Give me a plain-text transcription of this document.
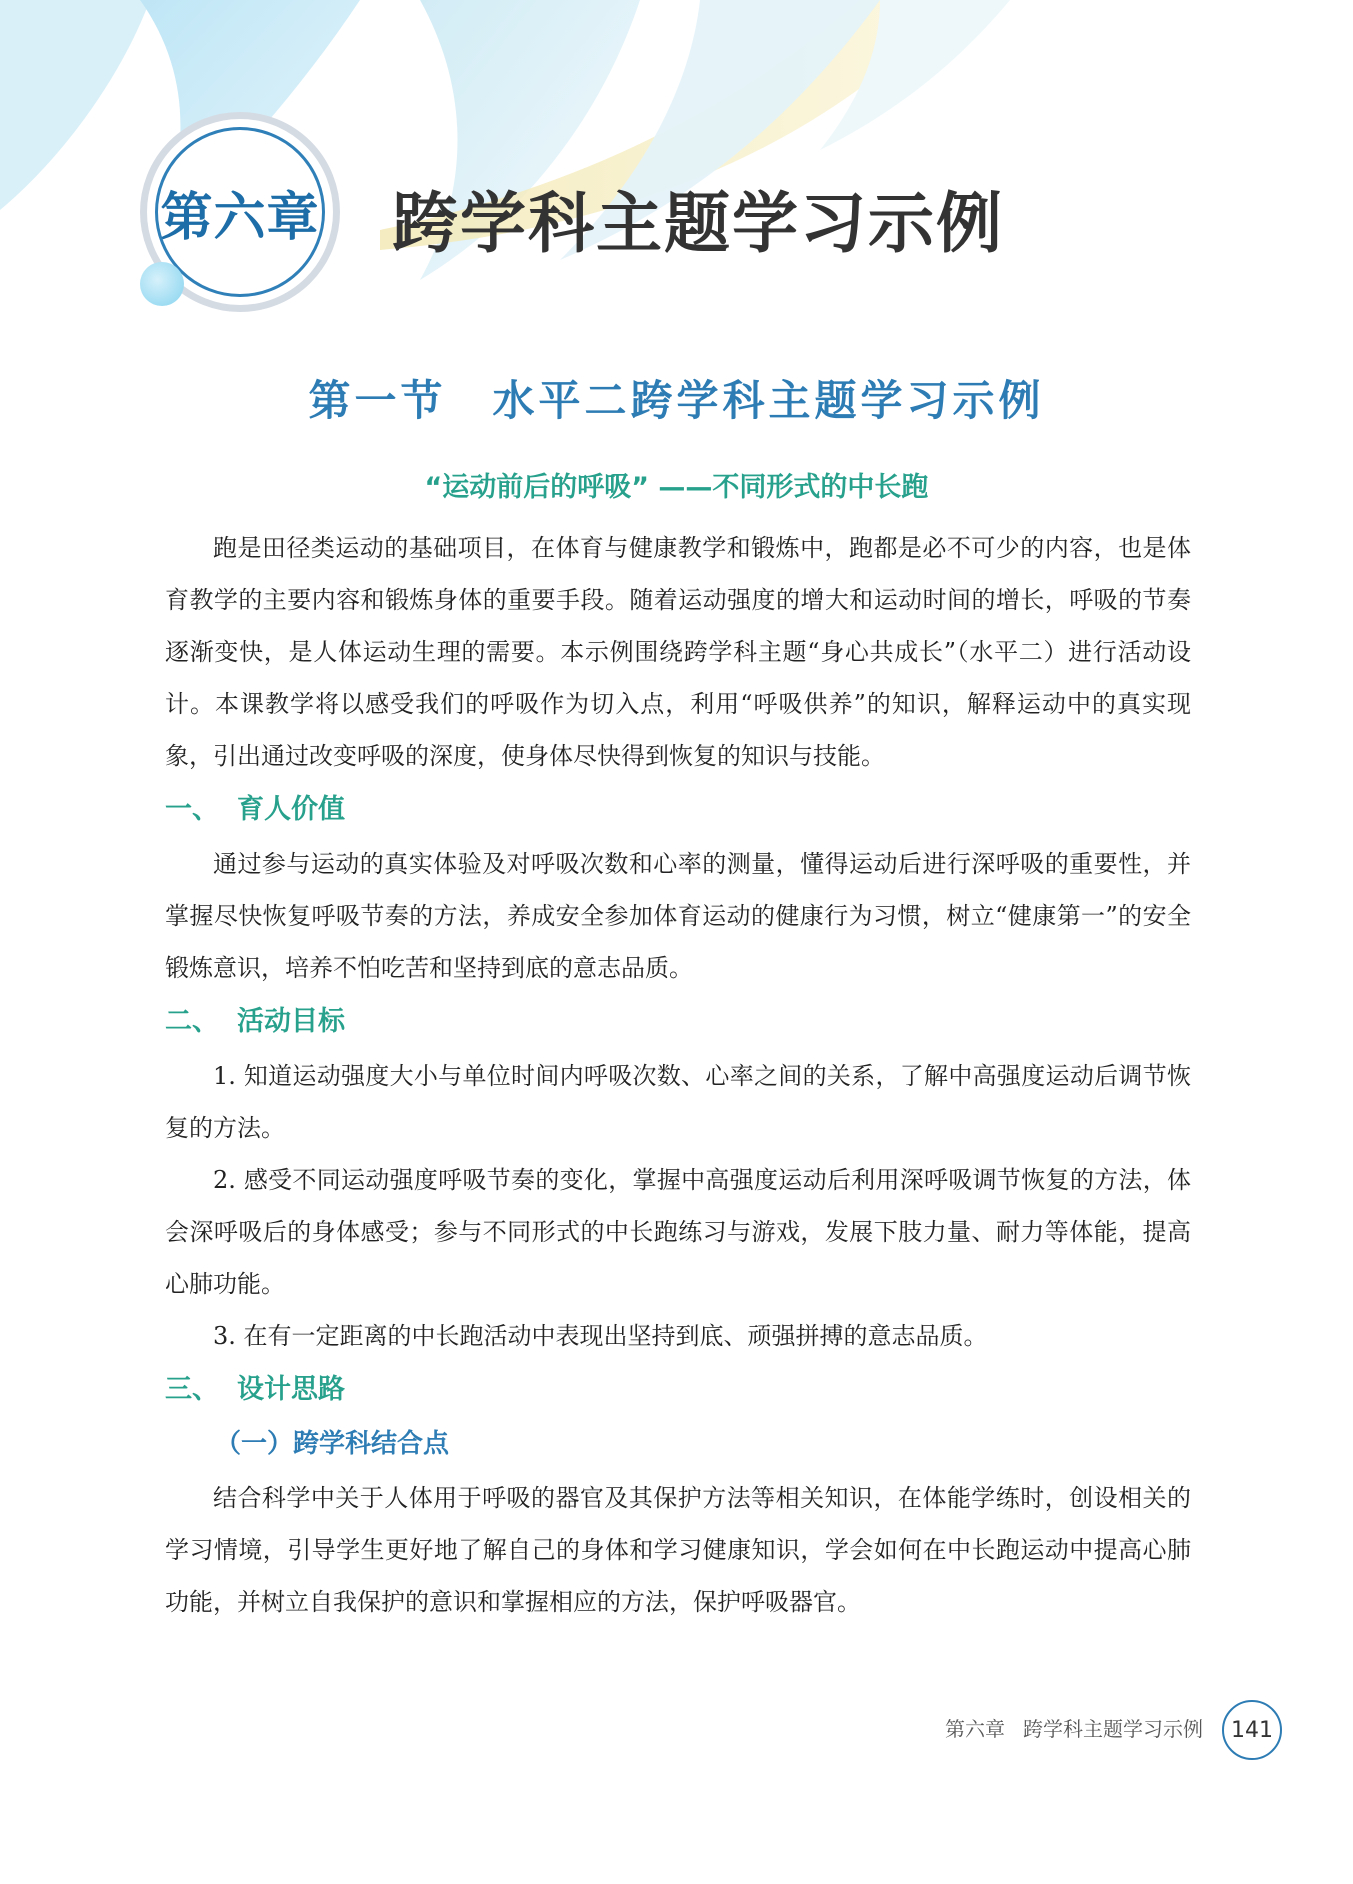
第六章 跨学科主题学习示例
第一节　水平二跨学科主题学习示例
“运动前后的呼吸” ——不同形式的中长跑

跑是田径类运动的基础项目，在体育与健康教学和锻炼中，跑都是必不可少的内容，也是体育教学的主要内容和锻炼身体的重要手段。随着运动强度的增大和运动时间的增长，呼吸的节奏逐渐变快，是人体运动生理的需要。本示例围绕跨学科主题“身心共成长”（水平二）进行活动设计。本课教学将以感受我们的呼吸作为切入点，利用“呼吸供养”的知识，解释运动中的真实现象，引出通过改变呼吸的深度，使身体尽快得到恢复的知识与技能。

一、 育人价值

通过参与运动的真实体验及对呼吸次数和心率的测量，懂得运动后进行深呼吸的重要性，并掌握尽快恢复呼吸节奏的方法，养成安全参加体育运动的健康行为习惯，树立“健康第一”的安全锻炼意识，培养不怕吃苦和坚持到底的意志品质。

二、 活动目标

1. 知道运动强度大小与单位时间内呼吸次数、心率之间的关系，了解中高强度运动后调节恢复的方法。

2. 感受不同运动强度呼吸节奏的变化，掌握中高强度运动后利用深呼吸调节恢复的方法，体会深呼吸后的身体感受；参与不同形式的中长跑练习与游戏，发展下肢力量、耐力等体能，提高心肺功能。

3. 在有一定距离的中长跑活动中表现出坚持到底、顽强拼搏的意志品质。

三、 设计思路
（一）跨学科结合点

结合科学中关于人体用于呼吸的器官及其保护方法等相关知识，在体能学练时，创设相关的学习情境，引导学生更好地了解自己的身体和学习健康知识，学会如何在中长跑运动中提高心肺功能，并树立自我保护的意识和掌握相应的方法，保护呼吸器官。

第六章 跨学科主题学习示例	141
